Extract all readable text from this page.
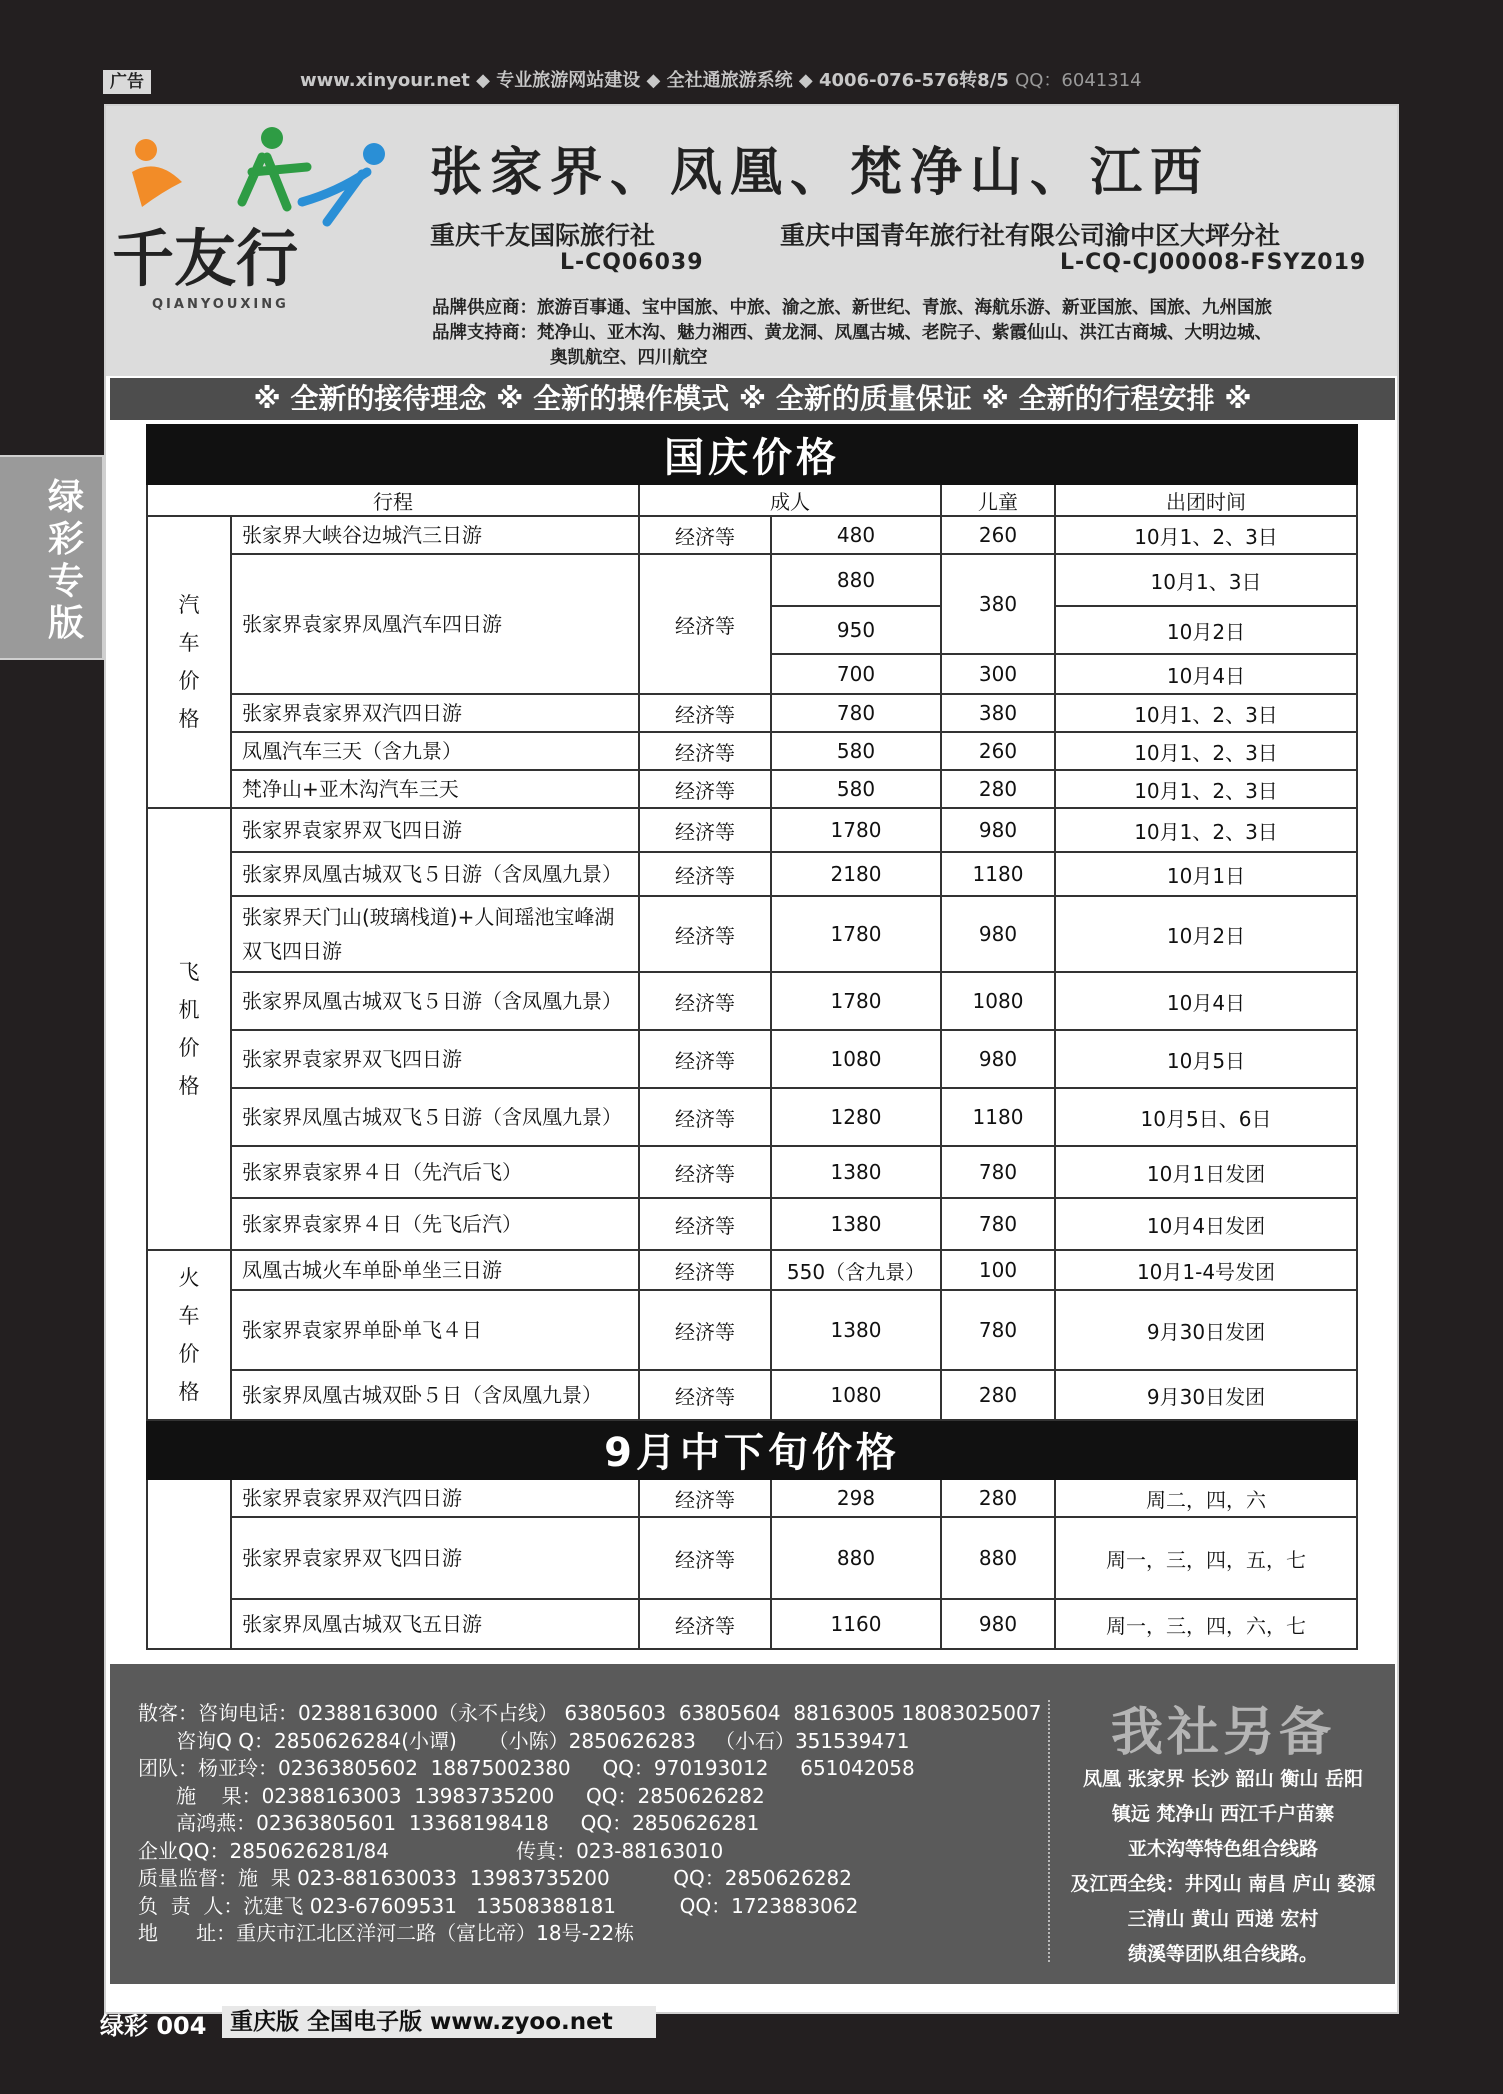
广告	www.xinyour.net ◆ 专业旅游网站建设 ◆ 全社通旅游系统 ◆ 4006-076-576转8/5 QQ：6041314
绿彩专版
千友行
QIANYOUXING
张家界、凤凰、梵净山、江西
重庆千友国际旅行社
L-CQ06039
重庆中国青年旅行社有限公司渝中区大坪分社
L-CQ-CJ00008-FSYZ019
品牌供应商：旅游百事通、宝中国旅、中旅、渝之旅、新世纪、青旅、海航乐游、新亚国旅、国旅、九州国旅
品牌支持商：梵净山、亚木沟、魅力湘西、黄龙洞、凤凰古城、老院子、紫霞仙山、洪江古商城、大明边城、
奥凯航空、四川航空
※ 全新的接待理念 ※ 全新的操作模式 ※ 全新的质量保证 ※ 全新的行程安排 ※
国庆价格					
行程		成人		儿童	出团时间

汽车价格	张家界大峡谷边城汽三日游	经济等	480	260	10月1、2、3日
	张家界袁家界凤凰汽车四日游	经济等	880	380	10月1、3日
			950		10月2日
			700	300	10月4日
	张家界袁家界双汽四日游	经济等	780	380	10月1、2、3日
	凤凰汽车三天（含九景）	经济等	580	260	10月1、2、3日
	梵净山+亚木沟汽车三天	经济等	580	280	10月1、2、3日

飞机价格	张家界袁家界双飞四日游	经济等	1780	980	10月1、2、3日
	张家界凤凰古城双飞５日游（含凤凰九景）	经济等	2180	1180	10月1日
	张家界天门山(玻璃栈道)+人间瑶池宝峰湖双飞四日游	经济等	1780	980	10月2日
	张家界凤凰古城双飞５日游（含凤凰九景）	经济等	1780	1080	10月4日
	张家界袁家界双飞四日游	经济等	1080	980	10月5日
	张家界凤凰古城双飞５日游（含凤凰九景）	经济等	1280	1180	10月5日、6日
	张家界袁家界４日（先汽后飞）	经济等	1380	780	10月1日发团
	张家界袁家界４日（先飞后汽）	经济等	1380	780	10月4日发团

火车价格	凤凰古城火车单卧单坐三日游	经济等	550（含九景）	100	10月1-4号发团
	张家界袁家界单卧单飞４日	经济等	1380	780	9月30日发团
	张家界凤凰古城双卧５日（含凤凰九景）	经济等	1080	280	9月30日发团
9月中下旬价格					
	张家界袁家界双汽四日游	经济等	298	280	周二，四，六
	张家界袁家界双飞四日游	经济等	880	880	周一，三，四，五，七
	张家界凤凰古城双飞五日游	经济等	1160	980	周一，三，四，六，七
散客：咨询电话：02388163000（永不占线） 63805603  63805604  88163005 18083025007
咨询Q Q：2850626284(小谭)     （小陈）2850626283   （小石）351539471
团队：杨亚玲：02363805602  18875002380     QQ：970193012     651042058
施    果：02388163003  13983735200     QQ：2850626282
高鸿燕：02363805601  13368198418     QQ：2850626281
企业QQ：2850626281/84                    传真：023-88163010
质量监督：施  果 023-881630033  13983735200          QQ：2850626282
负  责  人：沈建飞 023-67609531   13508388181          QQ：1723883062
地      址：重庆市江北区洋河二路（富比帝）18号-22栋
我社另备
凤凰 张家界 长沙 韶山 衡山 岳阳
镇远 梵净山 西江千户苗寨
亚木沟等特色组合线路
及江西全线：井冈山 南昌 庐山 婺源
三清山 黄山 西递 宏村
绩溪等团队组合线路。
绿彩 004	重庆版 全国电子版 www.zyoo.net
